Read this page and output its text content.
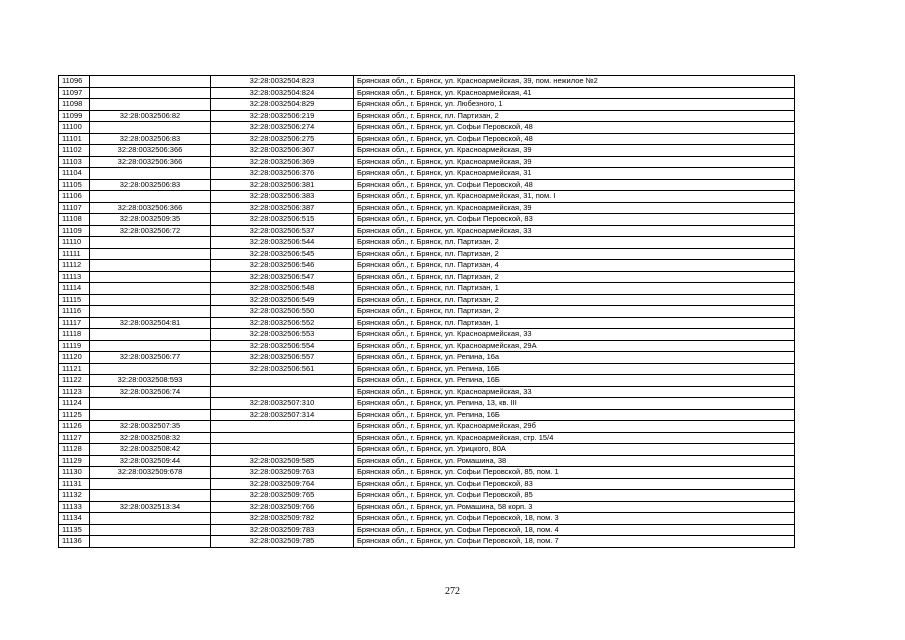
11096		32:28:0032504:823	Брянская обл., г. Брянск, ул. Красноармейская, 39, пом. нежилое №2
11097		32:28:0032504:824	Брянская обл., г. Брянск, ул. Красноармейская, 41
11098		32:28:0032504:829	Брянская обл., г. Брянск, ул. Любезного, 1
11099	32:28:0032506:82	32:28:0032506:219	Брянская обл., г. Брянск, пл. Партизан, 2
11100		32:28:0032506:274	Брянская обл., г. Брянск, ул. Софьи Перовской, 48
11101	32:28:0032506:83	32:28:0032506:275	Брянская обл., г. Брянск, ул. Софьи Перовской, 48
11102	32:28:0032506:366	32:28:0032506:367	Брянская обл., г. Брянск, ул. Красноармейская, 39
11103	32:28:0032506:366	32:28:0032506:369	Брянская обл., г. Брянск, ул. Красноармейская, 39
11104		32:28:0032506:376	Брянская обл., г. Брянск, ул. Красноармейская, 31
11105	32:28:0032506:83	32:28:0032506:381	Брянская обл., г. Брянск, ул. Софьи Перовской, 48
11106		32:28:0032506:383	Брянская обл., г. Брянск, ул. Красноармейская, 31, пом. I
11107	32:28:0032506:366	32:28:0032506:387	Брянская обл., г. Брянск, ул. Красноармейская, 39
11108	32:28:0032509:35	32:28:0032506:515	Брянская обл., г. Брянск, ул. Софьи Перовской, 83
11109	32:28:0032506:72	32:28:0032506:537	Брянская обл., г. Брянск, ул. Красноармейская, 33
11110		32:28:0032506:544	Брянская обл., г. Брянск, пл. Партизан, 2
11111		32:28:0032506:545	Брянская обл., г. Брянск, пл. Партизан, 2
11112		32:28:0032506:546	Брянская обл., г. Брянск, пл. Партизан, 4
11113		32:28:0032506:547	Брянская обл., г. Брянск, пл. Партизан, 2
11114		32:28:0032506:548	Брянская обл., г. Брянск, пл. Партизан, 1
11115		32:28:0032506:549	Брянская обл., г. Брянск, пл. Партизан, 2
11116		32:28:0032506:550	Брянская обл., г. Брянск, пл. Партизан, 2
11117	32:28:0032504:81	32:28:0032506:552	Брянская обл., г. Брянск, пл. Партизан, 1
11118		32:28:0032506:553	Брянская обл., г. Брянск, ул. Красноармейская, 33
11119		32:28:0032506:554	Брянская обл., г. Брянск, ул. Красноармейская, 29А
11120	32:28:0032506:77	32:28:0032506:557	Брянская обл., г. Брянск, ул. Репина, 16а
11121		32:28:0032506:561	Брянская обл., г. Брянск, ул. Репина, 16Б
11122	32:28:0032508:593		Брянская обл., г. Брянск, ул. Репина, 16Б
11123	32:28:0032506:74		Брянская обл., г. Брянск, ул. Красноармейская, 33
11124		32:28:0032507:310	Брянская обл., г. Брянск, ул. Репина, 13, кв. III
11125		32:28:0032507:314	Брянская обл., г. Брянск, ул. Репина, 16Б
11126	32:28:0032507:35		Брянская обл., г. Брянск, ул. Красноармейская, 29б
11127	32:28:0032508:32		Брянская обл., г. Брянск, ул. Красноармейская, стр. 15/4
11128	32:28:0032508:42		Брянская обл., г. Брянск, ул. Урицкого, 80А
11129	32:28:0032509:44	32:28:0032509:585	Брянская обл., г. Брянск, ул. Ромашина, 38
11130	32:28:0032509:678	32:28:0032509:763	Брянская обл., г. Брянск, ул. Софьи Перовской, 85, пом. 1
11131		32:28:0032509:764	Брянская обл., г. Брянск, ул. Софьи Перовской, 83
11132		32:28:0032509:765	Брянская обл., г. Брянск, ул. Софьи Перовской, 85
11133	32:28:0032513:34	32:28:0032509:766	Брянская обл., г. Брянск, ул. Ромашина, 58 корп. 3
11134		32:28:0032509:782	Брянская обл., г. Брянск, ул. Софьи Перовской, 18, пом. 3
11135		32:28:0032509:783	Брянская обл., г. Брянск, ул. Софьи Перовской, 18, пом. 4
11136		32:28:0032509:785	Брянская обл., г. Брянск, ул. Софьи Перовской, 18, пом. 7
272
